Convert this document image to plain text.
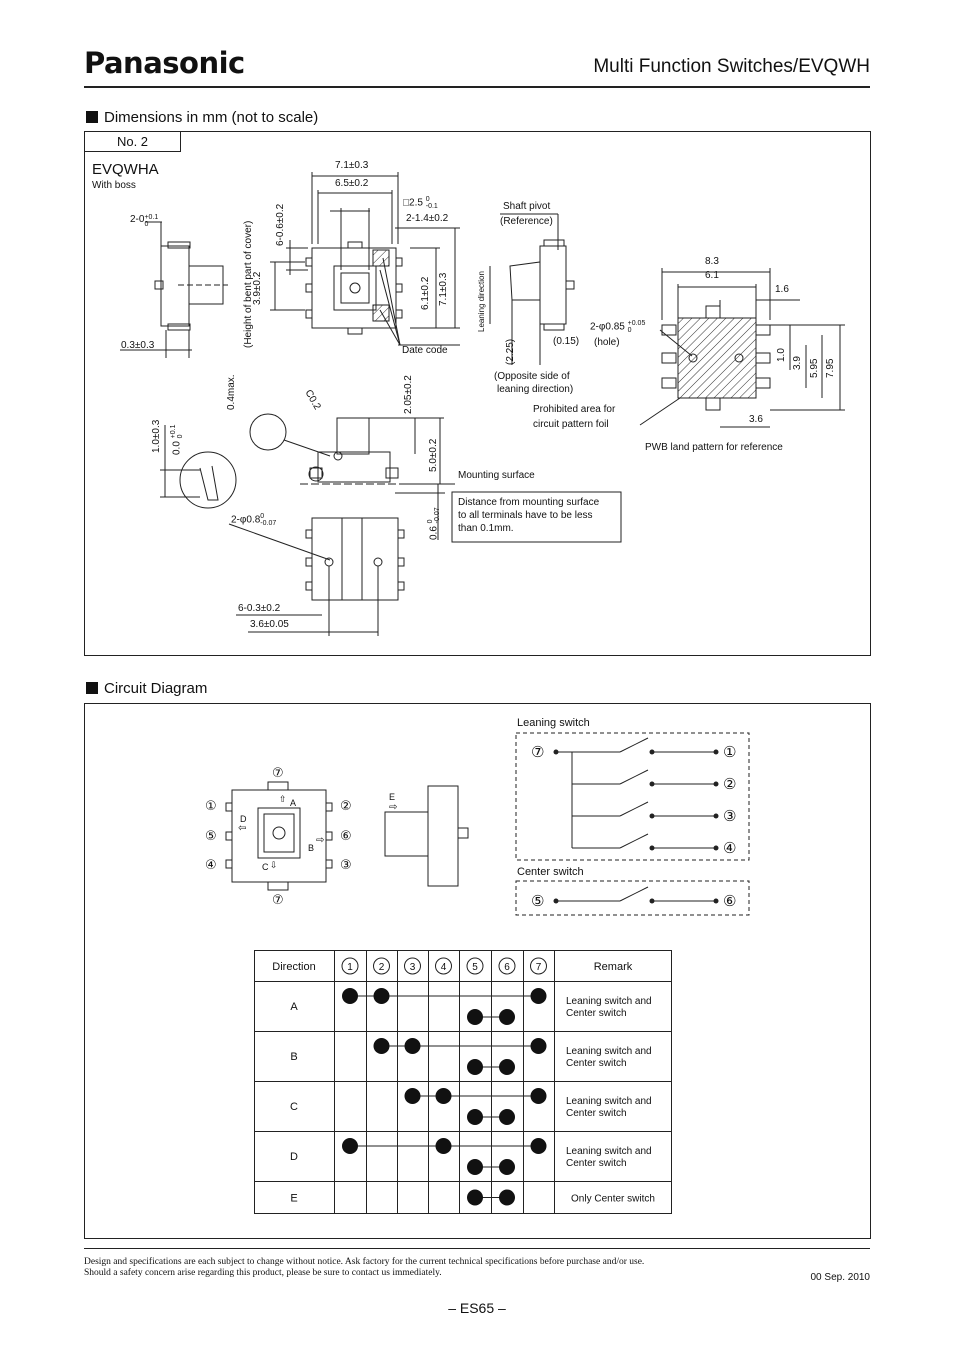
Panasonic	Multi Function Switches/EVQWH
Dimensions in mm (not to scale)
No. 2
EVQWHA
With boss
7.1±0.3
6.5±0.2
□2.5 0
-0.1
2-1.4±0.2
2-0+0.1
0	6-0.6±0.2
(Height of bent part of cover)
3.9±0.2	6.1±0.2 7.1±0.3
0.4max.
0.3±0.3	Date code
Shaft pivot
(Reference)
Leaning direction
(2.25)	(0.15)
(Opposite side of
leaning direction)
Prohibited area for
circuit pattern foil
2-φ0.85 +0.05
0
(hole)
8.3
6.1
1.6
1.0
3.9 5.95 7.95
3.6
PWB land pattern for reference
C0.2	2.05±0.2
5.0±0.2
1.0±0.3 0.0 +0.1
0
Mounting surface
0.6 0
-0.07
2-φ0.80
-0.07
Distance from mounting surface
to all terminals have to be less
than 0.1mm.
6-0.3±0.2
3.6±0.05
Circuit Diagram
Leaning switch
Center switch
⑦	①
②
③
④
⑤	⑥
⑦
⑦
①
⑤
④
②
⑥
③
⇧ A
D
⇦
B
⇨
C ⇩
E
⇨
Direction	1	2	3	4	5	6	7	Remark
A	Leaning switch and
Center switch
B	Leaning switch and
Center switch
C	Leaning switch and
Center switch
D	Leaning switch and
Center switch
E	Only Center switch
Design and specifications are each subject to change without notice. Ask factory for the current technical specifications before purchase and/or use.
Should a safety concern arise regarding this product, please be sure to contact us immediately.	00 Sep. 2010
– ES65 –
